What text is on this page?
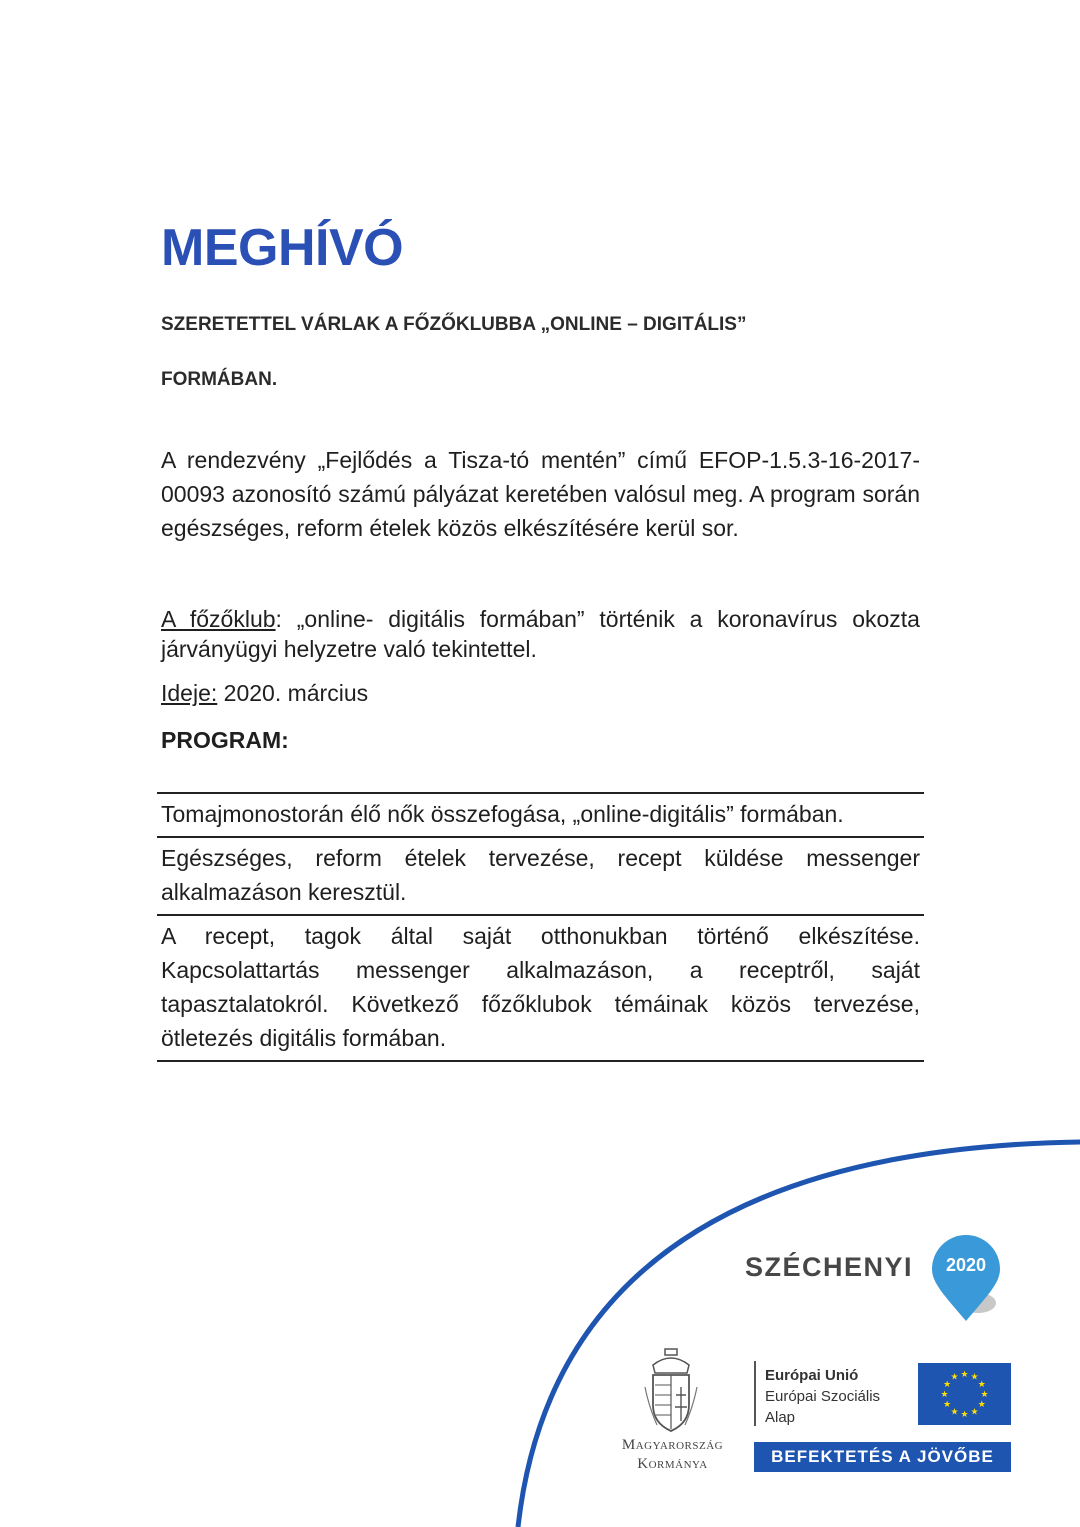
MEGHÍVÓ
SZERETETTEL VÁRLAK A FŐZŐKLUBBA „ONLINE – DIGITÁLIS”
FORMÁBAN.
A rendezvény „Fejlődés a Tisza-tó mentén” című EFOP-1.5.3-16-2017-00093 azonosító számú pályázat keretében valósul meg. A program során egészséges, reform ételek közös elkészítésére kerül sor.
A főzőklub: „online- digitális formában” történik a koronavírus okozta járványügyi helyzetre való tekintettel.
Ideje: 2020. március
PROGRAM:
Tomajmonostorán élő nők összefogása, „online-digitális” formában.
Egészséges, reform ételek tervezése, recept küldése messenger alkalmazáson keresztül.
A recept, tagok által saját otthonukban történő elkészítése. Kapcsolattartás messenger alkalmazáson, a receptről, saját tapasztalatokról. Következő főzőklubok témáinak közös tervezése, ötletezés digitális formában.
SZÉCHENYI	2020
Magyarország
Kormánya
Európai Unió
Európai Szociális
Alap
★
★
★
★
★
★
★
★
★ ★ ★
★
BEFEKTETÉS A JÖVŐBE
